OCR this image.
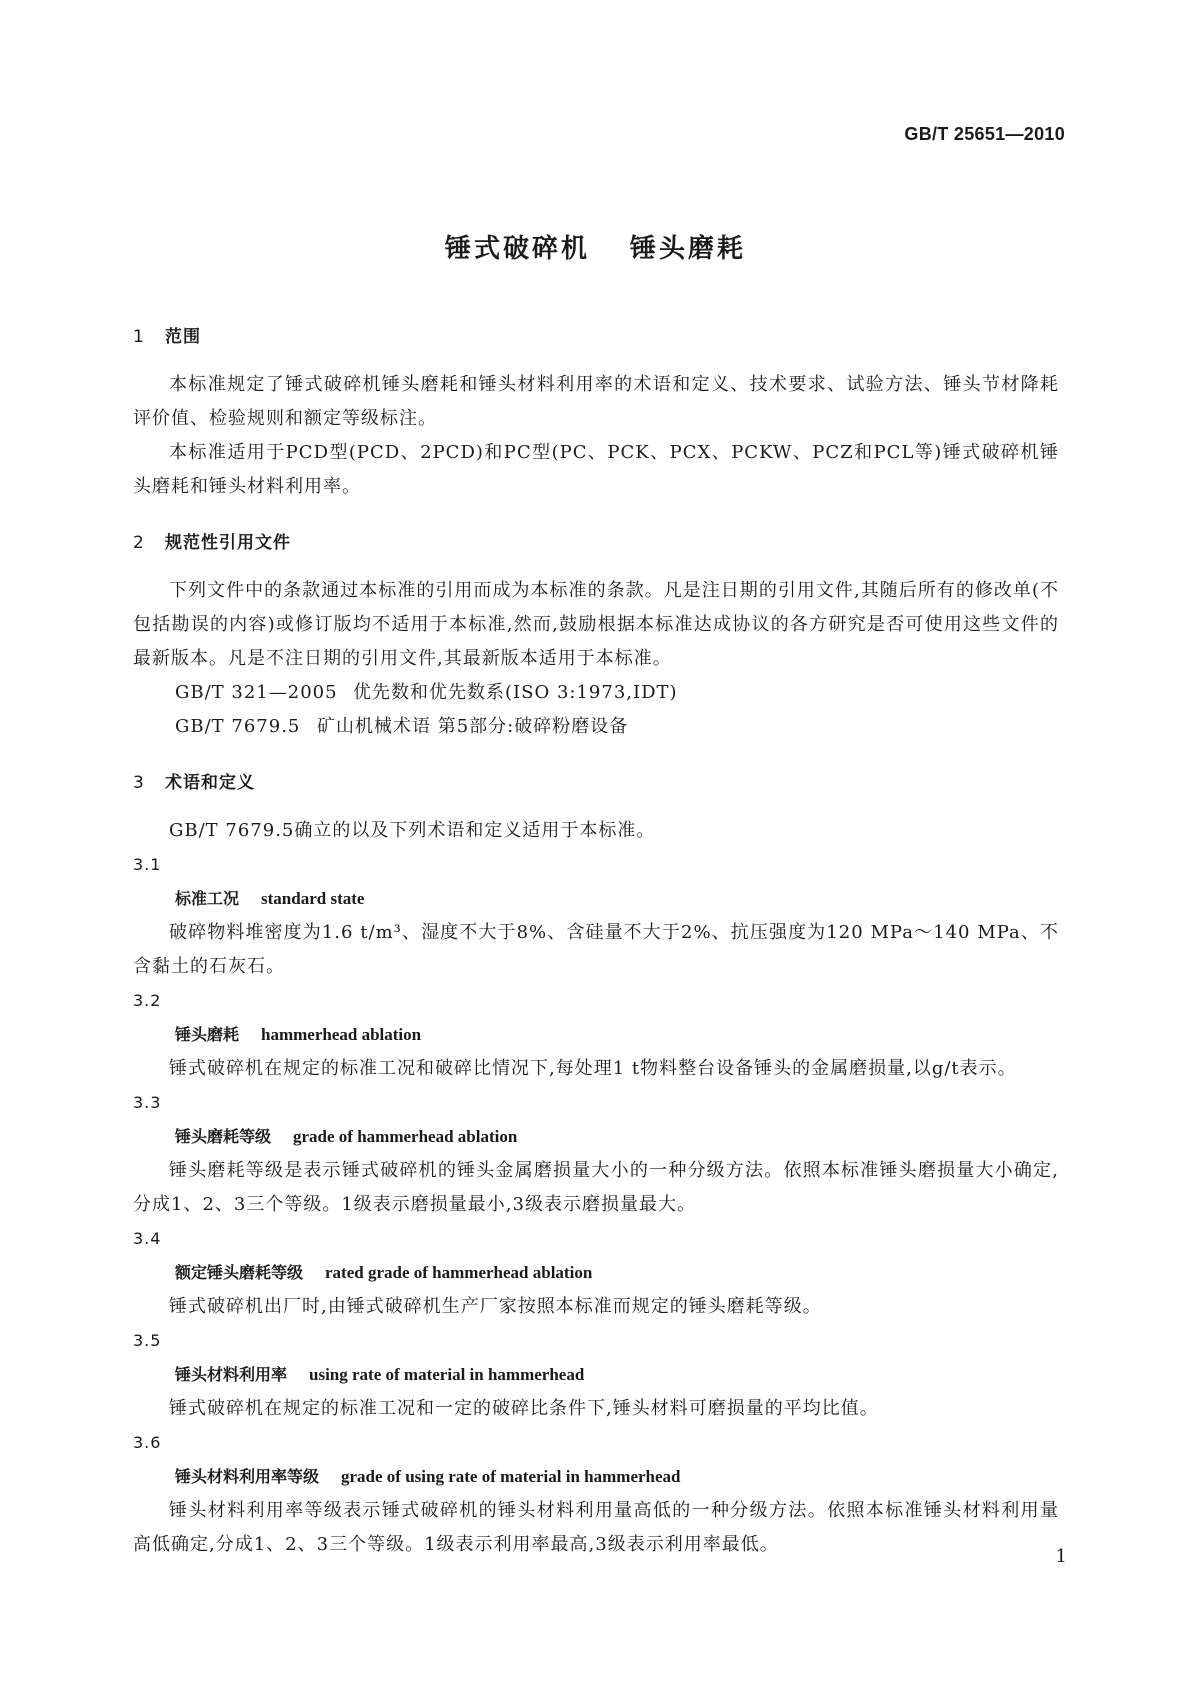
GB/T 25651—2010
锤式破碎机 锤头磨耗
1 范围

本标准规定了锤式破碎机锤头磨耗和锤头材料利用率的术语和定义、技术要求、试验方法、锤头节材降耗评价值、检验规则和额定等级标注。

本标准适用于PCD型(PCD、2PCD)和PC型(PC、PCK、PCX、PCKW、PCZ和PCL等)锤式破碎机锤头磨耗和锤头材料利用率。

2 规范性引用文件

下列文件中的条款通过本标准的引用而成为本标准的条款。凡是注日期的引用文件,其随后所有的修改单(不包括勘误的内容)或修订版均不适用于本标准,然而,鼓励根据本标准达成协议的各方研究是否可使用这些文件的最新版本。凡是不注日期的引用文件,其最新版本适用于本标准。

GB/T 321—2005 优先数和优先数系(ISO 3:1973,IDT)

GB/T 7679.5 矿山机械术语 第5部分:破碎粉磨设备

3 术语和定义

GB/T 7679.5确立的以及下列术语和定义适用于本标准。

3.1

标准工况 standard state

破碎物料堆密度为1.6 t/m³、湿度不大于8%、含硅量不大于2%、抗压强度为120 MPa～140 MPa、不含黏土的石灰石。

3.2

锤头磨耗 hammerhead ablation

锤式破碎机在规定的标准工况和破碎比情况下,每处理1 t物料整台设备锤头的金属磨损量,以g/t表示。

3.3

锤头磨耗等级 grade of hammerhead ablation

锤头磨耗等级是表示锤式破碎机的锤头金属磨损量大小的一种分级方法。依照本标准锤头磨损量大小确定,分成1、2、3三个等级。1级表示磨损量最小,3级表示磨损量最大。

3.4

额定锤头磨耗等级 rated grade of hammerhead ablation

锤式破碎机出厂时,由锤式破碎机生产厂家按照本标准而规定的锤头磨耗等级。

3.5

锤头材料利用率 using rate of material in hammerhead

锤式破碎机在规定的标准工况和一定的破碎比条件下,锤头材料可磨损量的平均比值。

3.6

锤头材料利用率等级 grade of using rate of material in hammerhead

锤头材料利用率等级表示锤式破碎机的锤头材料利用量高低的一种分级方法。依照本标准锤头材料利用量高低确定,分成1、2、3三个等级。1级表示利用率最高,3级表示利用率最低。

1
